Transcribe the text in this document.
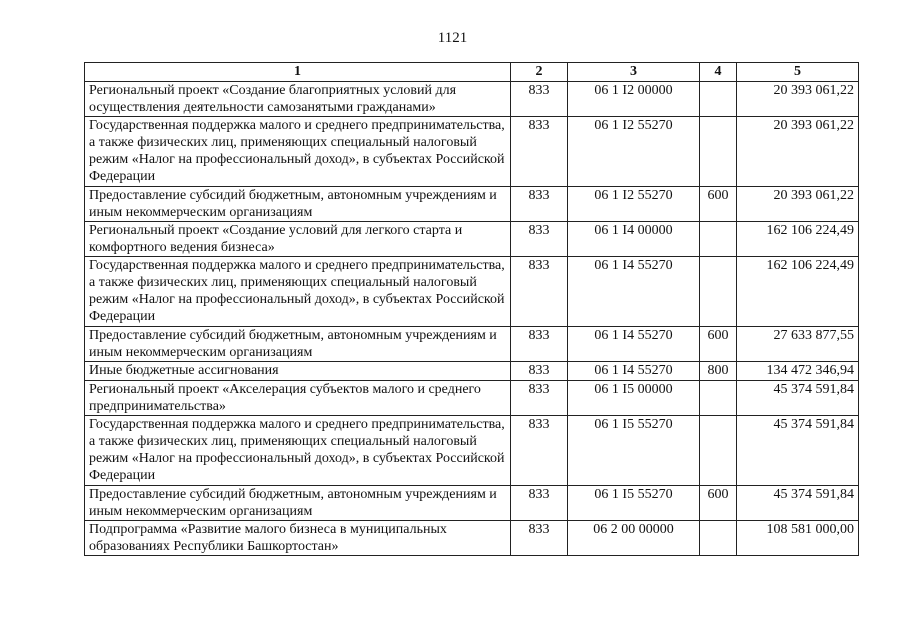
1121
1	2	3	4	5
Региональный проект «Создание благоприятных условий для осуществления деятельности самозанятыми гражданами»	833	06 1 I2 00000		20 393 061,22
Государственная поддержка малого и среднего предпринимательства, а также физических лиц, применяющих специальный налоговый режим «Налог на профессиональный доход», в субъектах Российской Федерации	833	06 1 I2 55270		20 393 061,22
Предоставление субсидий бюджетным, автономным учреждениям и иным некоммерческим организациям	833	06 1 I2 55270	600	20 393 061,22
Региональный проект «Создание условий для легкого старта и комфортного ведения бизнеса»	833	06 1 I4 00000		162 106 224,49
Государственная поддержка малого и среднего предпринимательства, а также физических лиц, применяющих специальный налоговый режим «Налог на профессиональный доход», в субъектах Российской Федерации	833	06 1 I4 55270		162 106 224,49
Предоставление субсидий бюджетным, автономным учреждениям и иным некоммерческим организациям	833	06 1 I4 55270	600	27 633 877,55
Иные бюджетные ассигнования	833	06 1 I4 55270	800	134 472 346,94
Региональный проект «Акселерация субъектов малого и среднего предпринимательства»	833	06 1 I5 00000		45 374 591,84
Государственная поддержка малого и среднего предпринимательства, а также физических лиц, применяющих специальный налоговый режим «Налог на профессиональный доход», в субъектах Российской Федерации	833	06 1 I5 55270		45 374 591,84
Предоставление субсидий бюджетным, автономным учреждениям и иным некоммерческим организациям	833	06 1 I5 55270	600	45 374 591,84
Подпрограмма «Развитие малого бизнеса в муниципальных образованиях Республики Башкортостан»	833	06 2 00 00000		108 581 000,00
